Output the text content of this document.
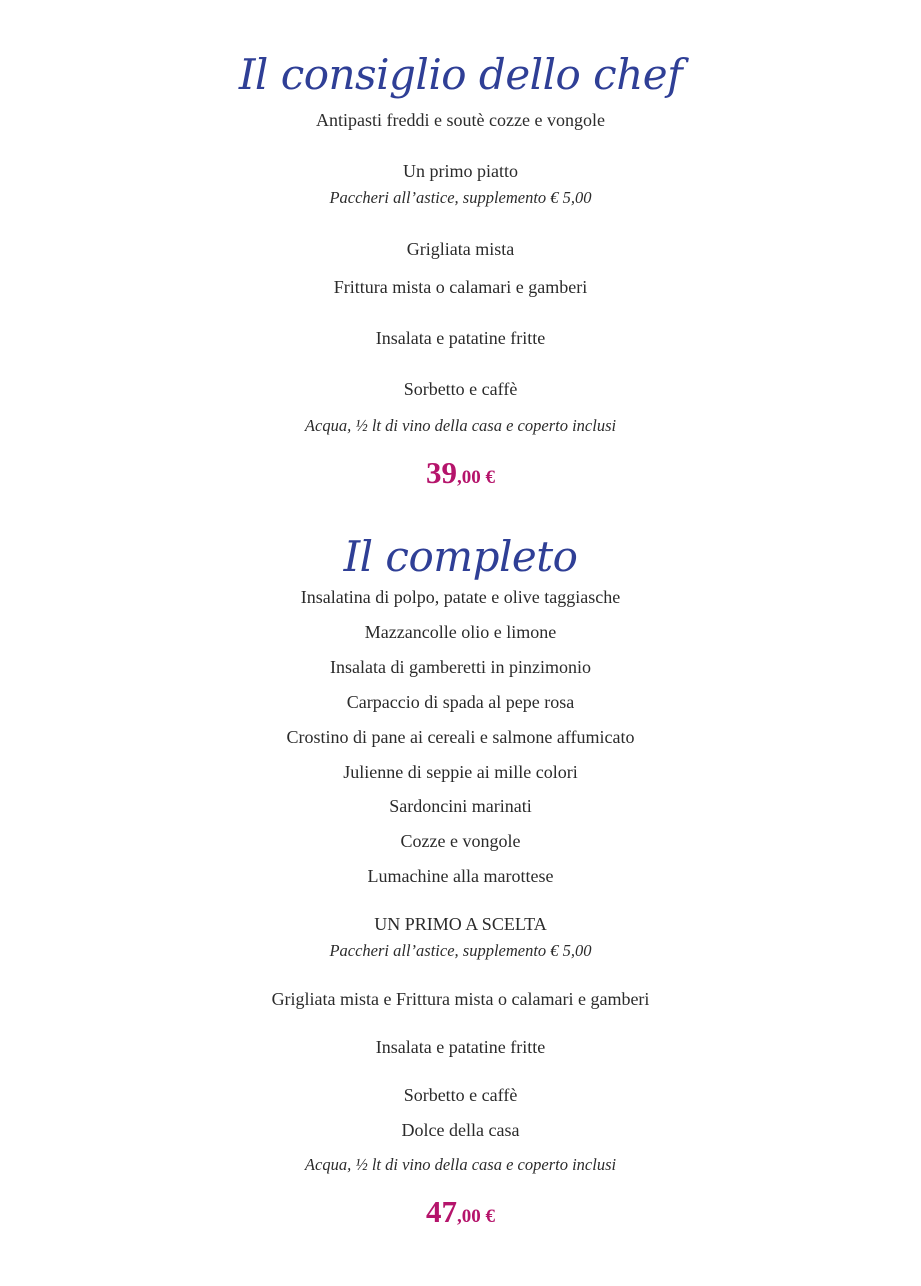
Il consiglio dello chef
Antipasti freddi e soutè cozze e vongole
Un primo piatto
Paccheri all’astice, supplemento € 5,00
Grigliata mista
Frittura mista o calamari e gamberi
Insalata e patatine fritte
Sorbetto e caffè
Acqua, ½ lt di vino della casa e coperto inclusi
39,00 €
Il completo
Insalatina di polpo, patate e olive taggiasche
Mazzancolle olio e limone
Insalata di gamberetti in pinzimonio
Carpaccio di spada al pepe rosa
Crostino di pane ai cereali e salmone affumicato
Julienne di seppie ai mille colori
Sardoncini marinati
Cozze e vongole
Lumachine alla marottese
UN PRIMO A SCELTA
Paccheri all’astice, supplemento € 5,00
Grigliata mista e Frittura mista o calamari e gamberi
Insalata e patatine fritte
Sorbetto e caffè
Dolce della casa
Acqua, ½ lt di vino della casa e coperto inclusi
47,00 €
